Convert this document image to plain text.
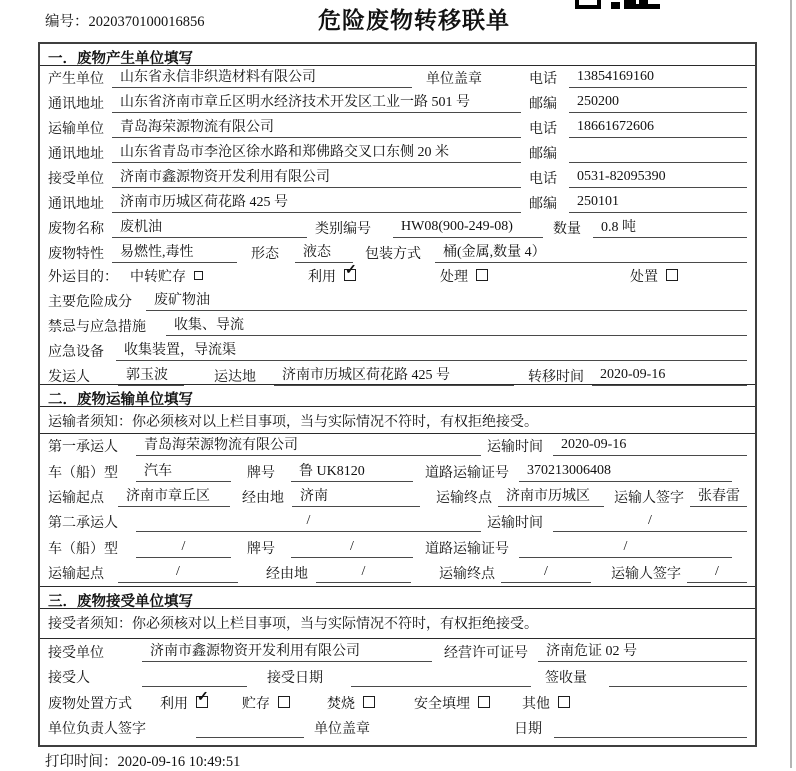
编号：2020370100016856	危险废物转移联单
一．废物产生单位填写
产生单位	山东省永信非织造材料有限公司	单位盖章	电话	13854169160
通讯地址	山东省济南市章丘区明水经济技术开发区工业一路 501 号	邮编	250200
运输单位	青岛海荣源物流有限公司	电话	18661672606
通讯地址	山东省青岛市李沧区徐水路和郑佛路交叉口东侧 20 米	邮编
接受单位	济南市鑫源物资开发利用有限公司	电话	0531-82095390
通讯地址	济南市历城区荷花路 425 号	邮编	250101
废物名称	废机油	类别编号	HW08(900-249-08)	数量	0.8 吨
废物特性	易燃性,毒性	形态	液态	包装方式	桶(金属,数量 4）
外运目的： 中转贮存	利用 ✓	处理	处置
主要危险成分	废矿物油
禁忌与应急措施	收集、导流
应急设备	收集装置，导流渠
发运人	郭玉波	运达地	济南市历城区荷花路 425 号	转移时间	2020-09-16
二．废物运输单位填写
运输者须知：你必须核对以上栏目事项，当与实际情况不符时，有权拒绝接受。
第一承运人	青岛海荣源物流有限公司	运输时间	2020-09-16
车（船）型	汽车	牌号	鲁 UK8120	道路运输证号	370213006408
运输起点	济南市章丘区	经由地	济南	运输终点	济南市历城区	运输人签字	张春雷
第二承运人	/	运输时间	/
车（船）型	/	牌号	/	道路运输证号	/
运输起点	/	经由地	/	运输终点	/	运输人签字	/
三．废物接受单位填写
接受者须知：你必须核对以上栏目事项，当与实际情况不符时，有权拒绝接受。
接受单位	济南市鑫源物资开发利用有限公司	经营许可证号	济南危证 02 号
接受人	接受日期	签收量
废物处置方式	利用 ✓ 贮存	焚烧	安全填埋	其他
单位负责人签字	单位盖章	日期
打印时间：2020-09-16 10:49:51
